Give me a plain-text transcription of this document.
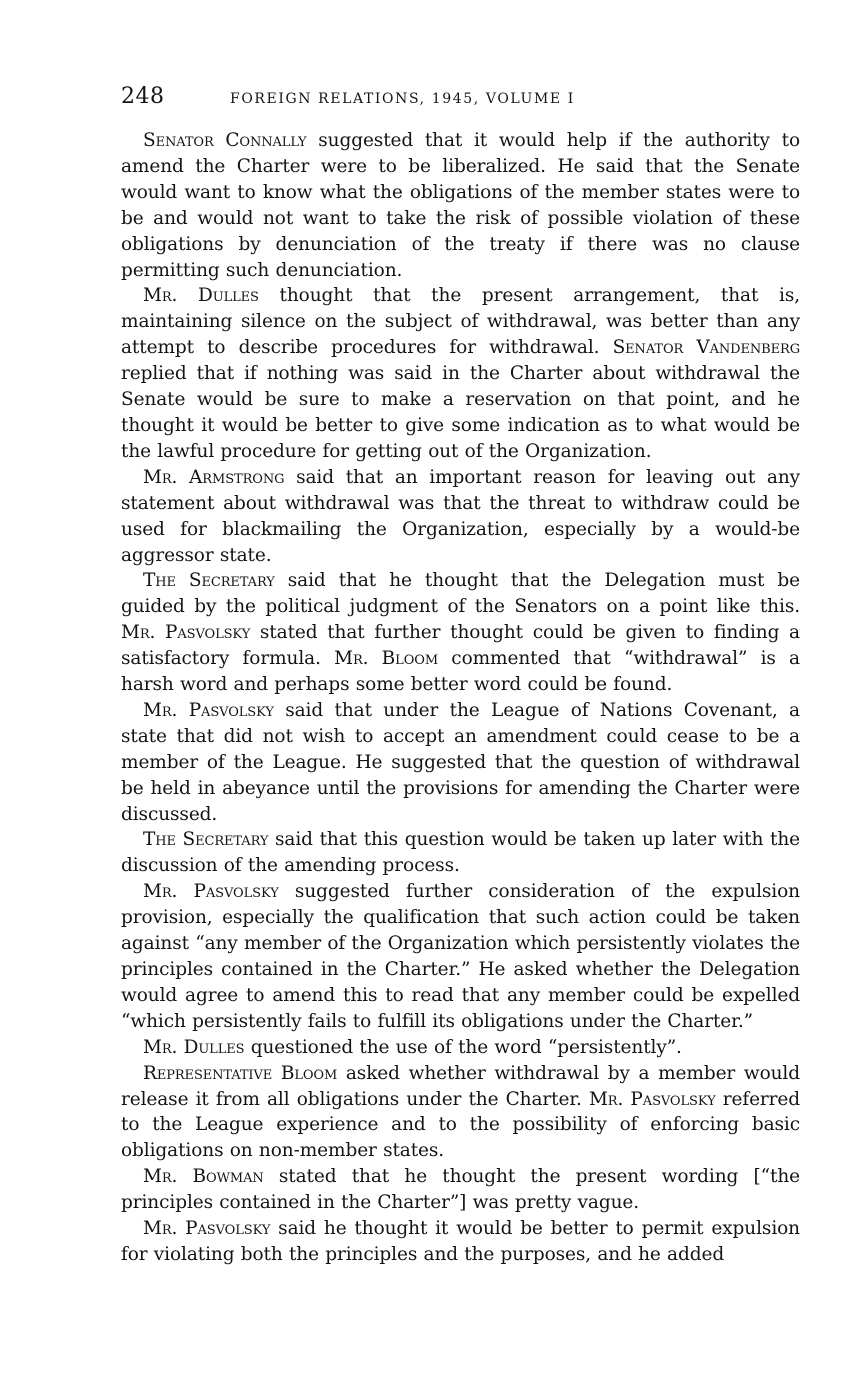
248	FOREIGN RELATIONS, 1945, VOLUME I

Senator Connally suggested that it would help if the authority to amend the Charter were to be liberalized. He said that the Senate would want to know what the obligations of the member states were to be and would not want to take the risk of possible violation of these obligations by denunciation of the treaty if there was no clause permitting such denunciation.

Mr. Dulles thought that the present arrangement, that is, maintaining silence on the subject of withdrawal, was better than any attempt to describe procedures for withdrawal. Senator Vandenberg replied that if nothing was said in the Charter about withdrawal the Senate would be sure to make a reservation on that point, and he thought it would be better to give some indication as to what would be the lawful procedure for getting out of the Organization.

Mr. Armstrong said that an important reason for leaving out any statement about withdrawal was that the threat to withdraw could be used for blackmailing the Organization, especially by a would-be aggressor state.

The Secretary said that he thought that the Delegation must be guided by the political judgment of the Senators on a point like this. Mr. Pasvolsky stated that further thought could be given to finding a satisfactory formula. Mr. Bloom commented that “withdrawal” is a harsh word and perhaps some better word could be found.

Mr. Pasvolsky said that under the League of Nations Covenant, a state that did not wish to accept an amendment could cease to be a member of the League. He suggested that the question of withdrawal be held in abeyance until the provisions for amending the Charter were discussed.

The Secretary said that this question would be taken up later with the discussion of the amending process.

Mr. Pasvolsky suggested further consideration of the expulsion provision, especially the qualification that such action could be taken against “any member of the Organization which persistently violates the principles contained in the Charter.” He asked whether the Delegation would agree to amend this to read that any member could be expelled “which persistently fails to fulfill its obligations under the Charter.”

Mr. Dulles questioned the use of the word “persistently”.

Representative Bloom asked whether withdrawal by a member would release it from all obligations under the Charter. Mr. Pasvolsky referred to the League experience and to the possibility of enforcing basic obligations on non-member states.

Mr. Bowman stated that he thought the present wording [“the principles contained in the Charter”] was pretty vague.

Mr. Pasvolsky said he thought it would be better to permit expulsion for violating both the principles and the purposes, and he added
